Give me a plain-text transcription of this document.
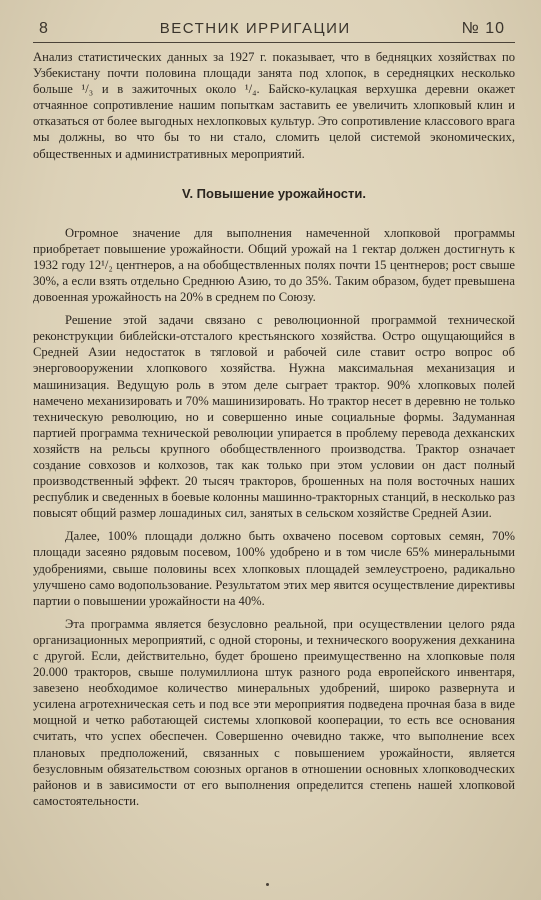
8	ВЕСТНИК ИРРИГАЦИИ	№ 10

Анализ статистических данных за 1927 г. показывает, что в бедняцких хозяйствах по Узбекистану почти половина площади занята под хлопок, в середняцких несколько больше ¹/₃ и в зажиточных около ¹/₄. Байско-кулацкая верхушка деревни окажет отчаянное сопротивление нашим попыткам заставить ее увеличить хлопковый клин и отказаться от более выгодных нехлопковых культур. Это сопротивление классового врага мы должны, во что бы то ни стало, сломить целой системой экономических, общественных и административных мероприятий.

V. Повышение урожайности.

Огромное значение для выполнения намеченной хлопковой программы приобретает повышение урожайности. Общий урожай на 1 гектар должен достигнуть к 1932 году 12¹/₂ центнеров, а на обобществленных полях почти 15 центнеров; рост свыше 30%, а если взять отдельно Среднюю Азию, то до 35%. Таким образом, будет превышена довоенная урожайность на 20% в среднем по Союзу.

Решение этой задачи связано с революционной программой технической реконструкции библейски-отсталого крестьянского хозяйства. Остро ощущающийся в Средней Азии недостаток в тягловой и рабочей силе ставит остро вопрос об энерговооружении хлопкового хозяйства. Нужна максимальная механизация и машинизация. Ведущую роль в этом деле сыграет трактор. 90% хлопковых полей намечено механизировать и 70% машинизировать. Но трактор несет в деревню не только техническую революцию, но и совершенно иные социальные формы. Задуманная партией программа технической революции упирается в проблему перевода дехканских хозяйств на рельсы крупного обобществленного производства. Трактор означает создание совхозов и колхозов, так как только при этом условии он даст полный производственный эффект. 20 тысяч тракторов, брошенных на поля восточных наших республик и сведенных в боевые колонны машинно-тракторных станций, в несколько раз повысят общий размер лошадиных сил, занятых в сельском хозяйстве Средней Азии.

Далее, 100% площади должно быть охвачено посевом сортовых семян, 70% площади засеяно рядовым посевом, 100% удобрено и в том числе 65% минеральными удобрениями, свыше половины всех хлопковых площадей землеустроено, радикально улучшено само водопользование. Результатом этих мер явится осуществление директивы партии о повышении урожайности на 40%.

Эта программа является безусловно реальной, при осуществлении целого ряда организационных мероприятий, с одной стороны, и технического вооружения дехканина с другой. Если, действительно, будет брошено преимущественно на хлопковые поля 20.000 тракторов, свыше полумиллиона штук разного рода европейского инвентаря, завезено необходимое количество минеральных удобрений, широко развернута и усилена агротехническая сеть и под все эти мероприятия подведена прочная база в виде мощной и четко работающей системы хлопковой кооперации, то есть все основания считать, что успех обеспечен. Совершенно очевидно также, что выполнение всех плановых предположений, связанных с повышением урожайности, является безусловным обязательством союзных органов в отношении основных хлопководческих районов и в зависимости от его выполнения определится степень нашей хлопковой самостоятельности.
